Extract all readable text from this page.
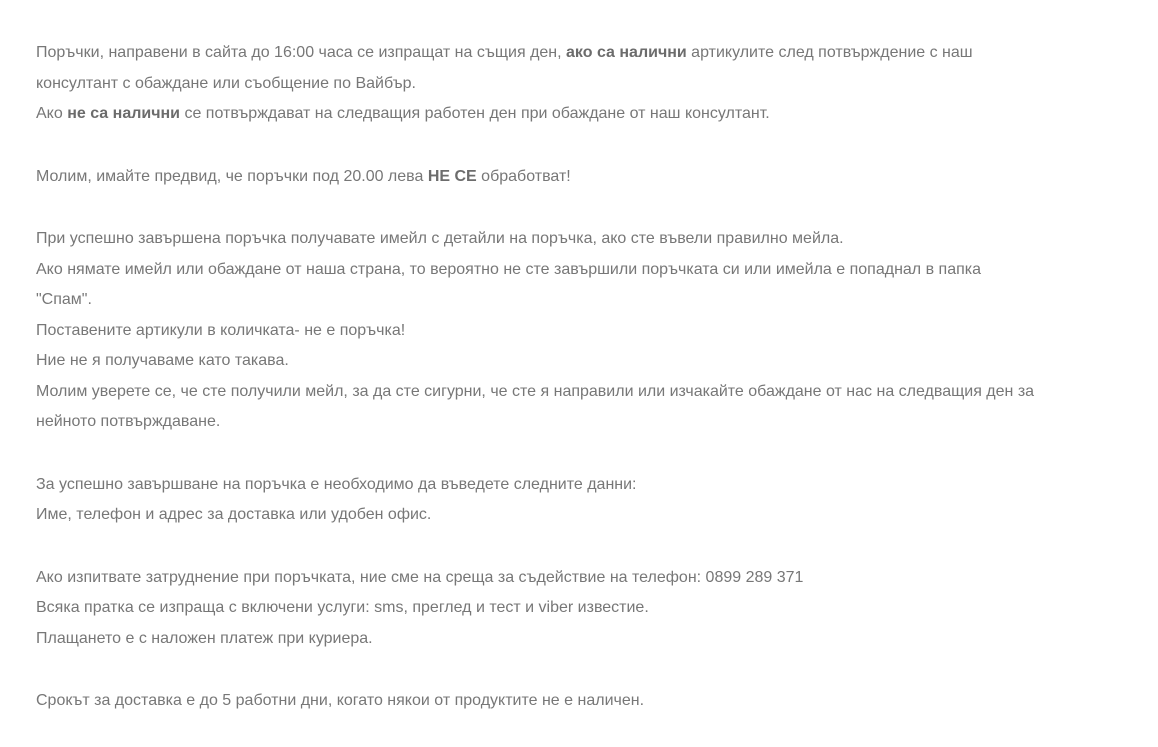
Поръчки, направени в сайта до 16:00 часа се изпращат на същия ден, ако са налични артикулите след потвърждение с наш
консултант с обаждане или съобщение по Вайбър.
Ако не са налични се потвърждават на следващия работен ден при обаждане от наш консултант.
Молим, имайте предвид, че поръчки под 20.00 лева НЕ СЕ обработват!
При успешно завършена поръчка получавате имейл с детайли на поръчка, ако сте въвели правилно мейла.
Ако нямате имейл или обаждане от наша страна, то вероятно не сте завършили поръчката си или имейла е попаднал в папка
"Спам".
Поставените артикули в количката- не е поръчка!
Ние не я получаваме като такава.
Молим уверете се, че сте получили мейл, за да сте сигурни, че сте я направили или изчакайте обаждане от нас на следващия ден за
нейното потвърждаване.
За успешно завършване на поръчка е необходимо да въведете следните данни:
Име, телефон и адрес за доставка или удобен офис.
Ако изпитвате затруднение при поръчката, ние сме на среща за съдействие на телефон: 0899 289 371
Всяка пратка се изпраща с включени услуги: sms, преглед и тест и viber известие.
Плащането е с наложен платеж при куриера.
Срокът за доставка е до 5 работни дни, когато някои от продуктите не е наличен.
